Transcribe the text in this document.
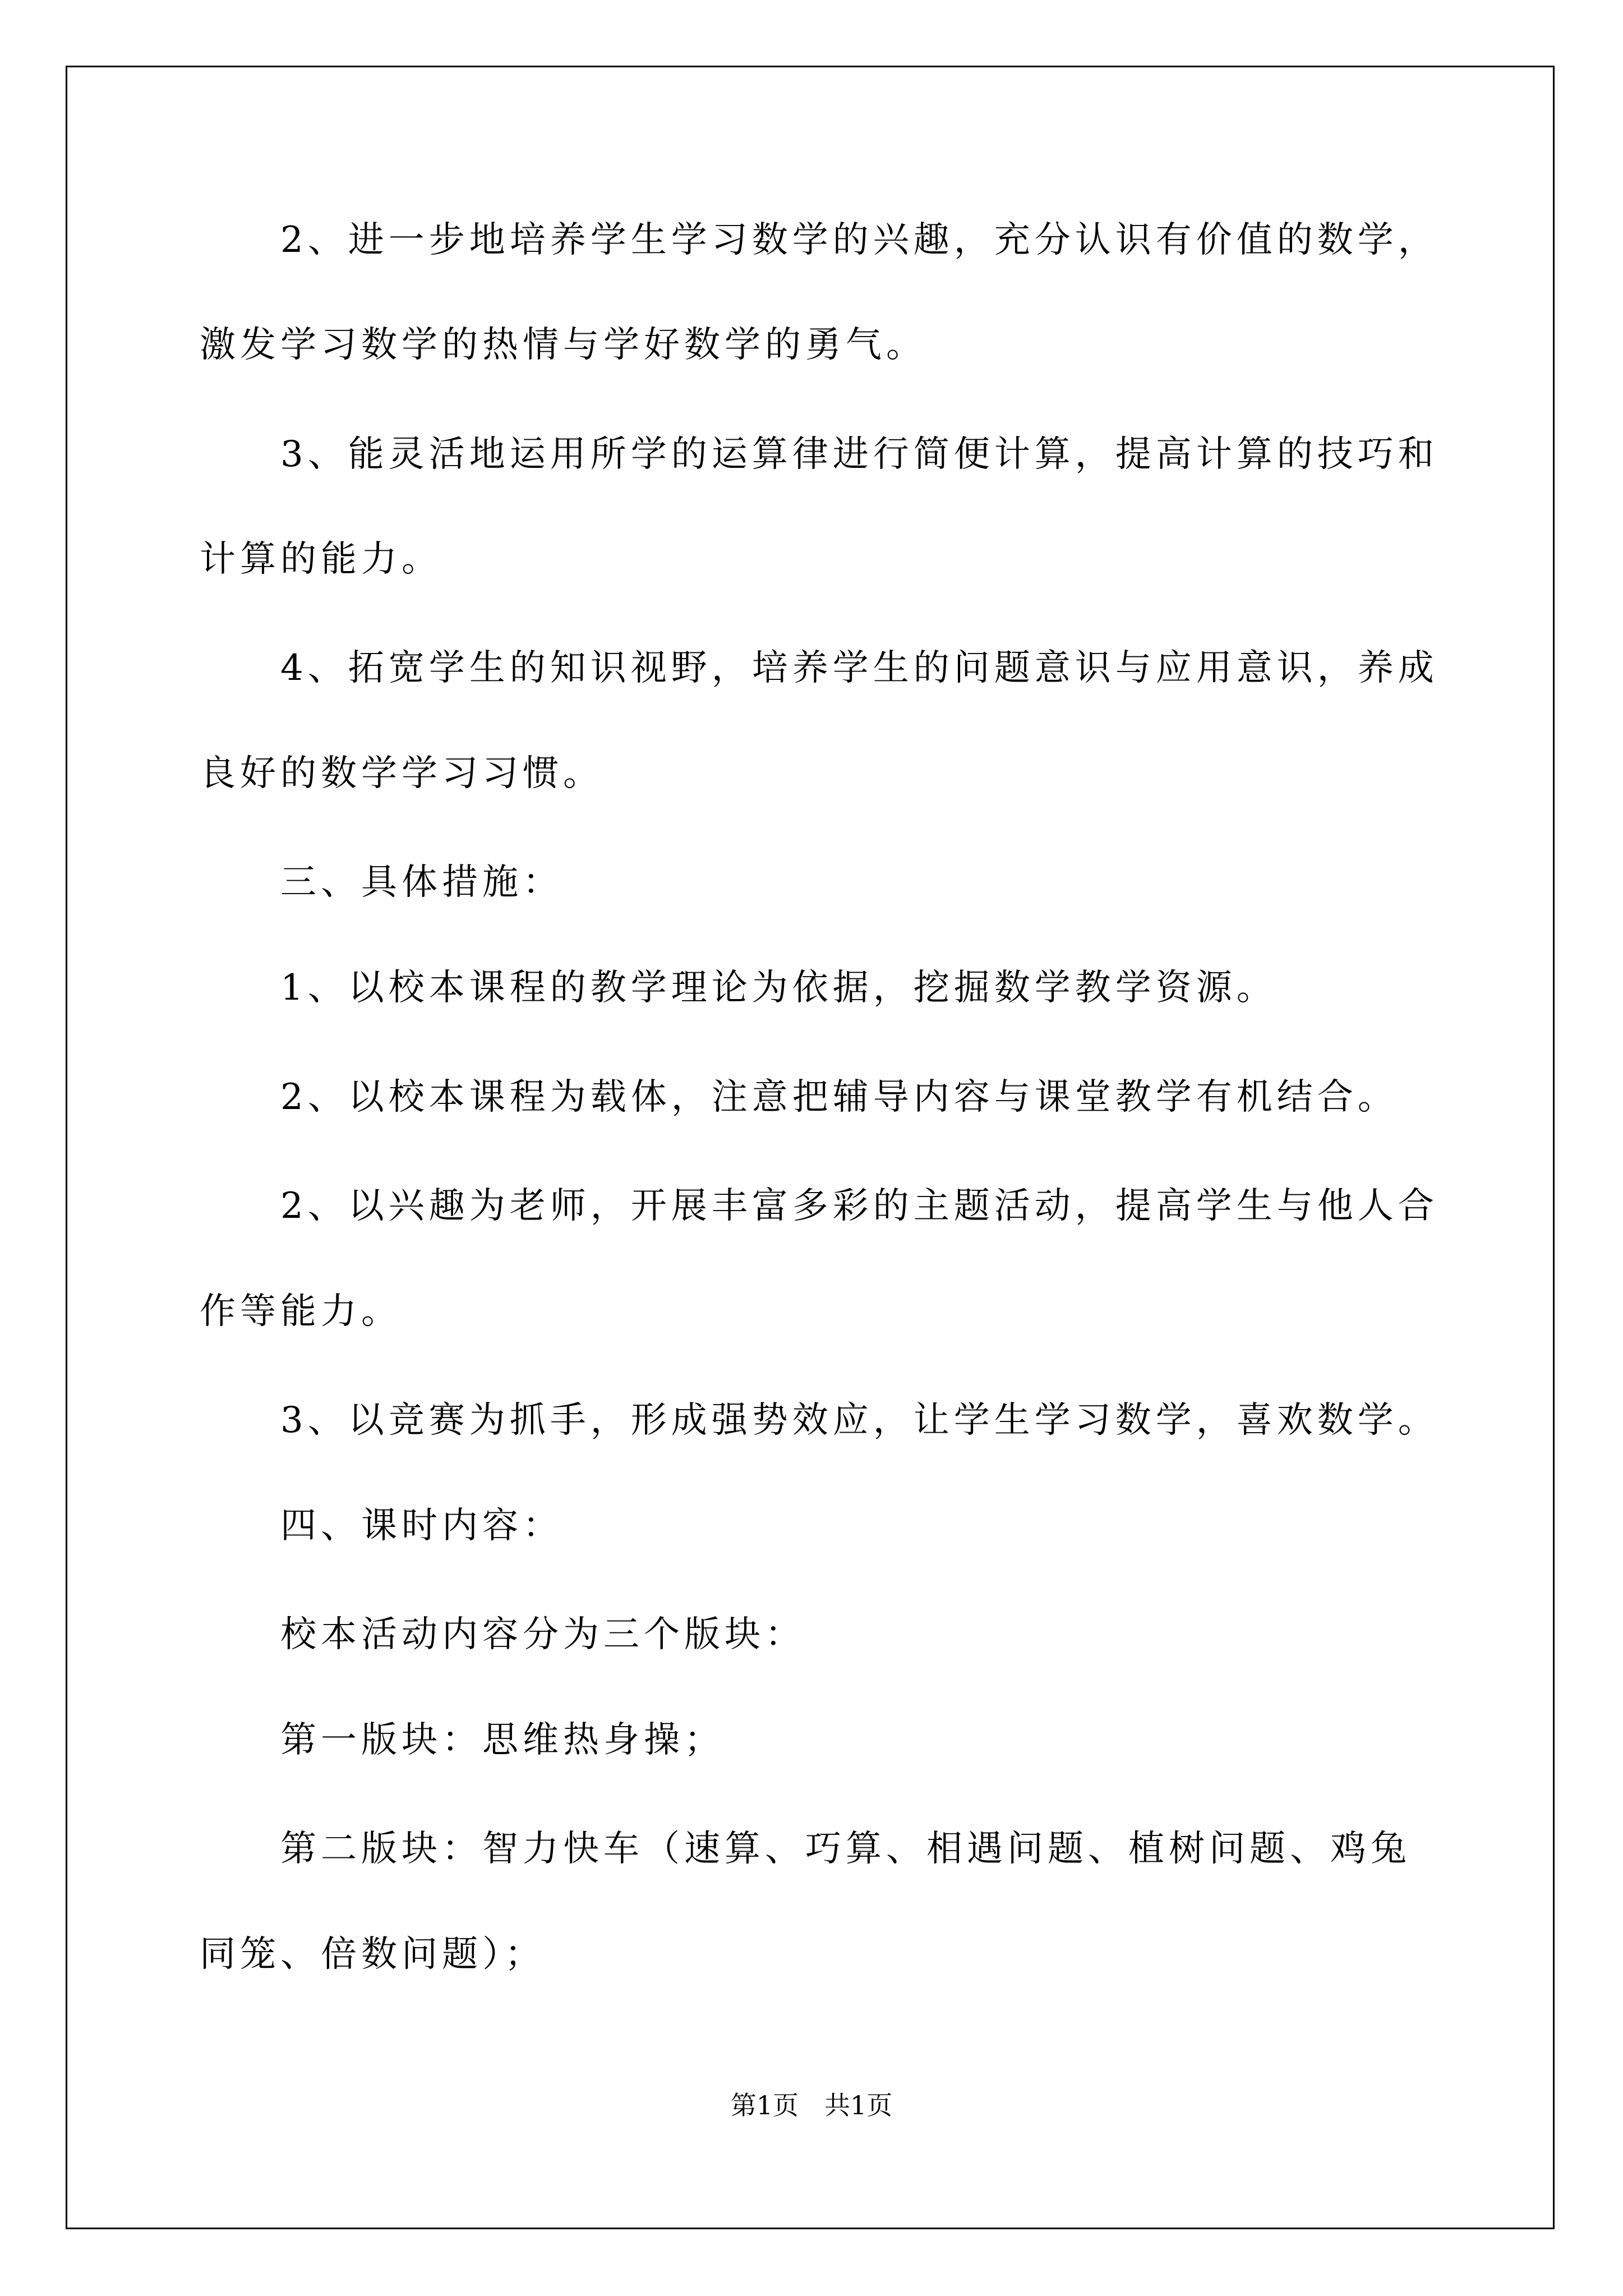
2、进一步地培养学生学习数学的兴趣，充分认识有价值的数学，
激发学习数学的热情与学好数学的勇气。
3、能灵活地运用所学的运算律进行简便计算，提高计算的技巧和
计算的能力。
4、拓宽学生的知识视野，培养学生的问题意识与应用意识，养成
良好的数学学习习惯。
三、具体措施：
1、以校本课程的教学理论为依据，挖掘数学教学资源。
2、以校本课程为载体，注意把辅导内容与课堂教学有机结合。
2、以兴趣为老师，开展丰富多彩的主题活动，提高学生与他人合
作等能力。
3、以竞赛为抓手，形成强势效应，让学生学习数学，喜欢数学。
四、课时内容：
校本活动内容分为三个版块：
第一版块：思维热身操；
第二版块：智力快车（速算、巧算、相遇问题、植树问题、鸡兔
同笼、倍数问题）；
第1页　共1页
